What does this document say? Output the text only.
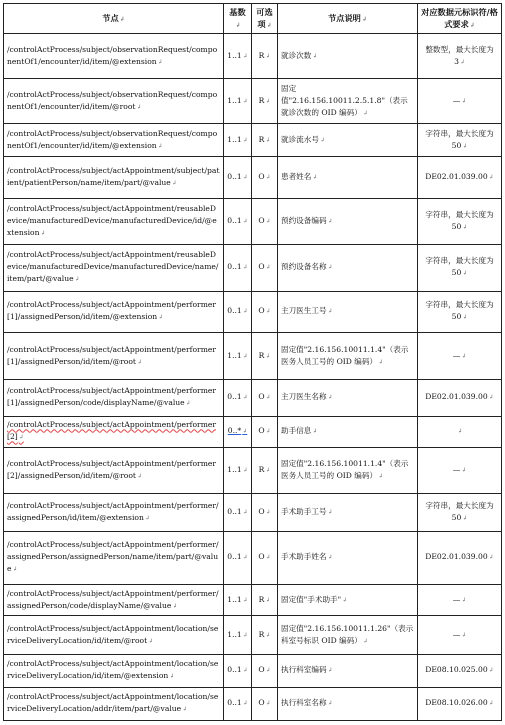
节点 ↲	基数 ↲	可选项 ↲	节点说明 ↲	对应数据元标识符/格式要求 ↲
/controlActProcess/subject/observationRequest/componentOf1/encounter/id/item/@extension ↲	1..1 ↲	R ↲	就诊次数 ↲	整数型，最大长度为 3 ↲
/controlActProcess/subject/observationRequest/componentOf1/encounter/id/item/@root ↲	1..1 ↲	R ↲	固定值"2.16.156.10011.2.5.1.8"（表示就诊次数的 OID 编码） ↲	— ↲
/controlActProcess/subject/observationRequest/componentOf1/encounter/id/item/@extension ↲	1..1 ↲	R ↲	就诊流水号 ↲	字符串，最大长度为 50 ↲
/controlActProcess/subject/actAppointment/subject/patient/patientPerson/name/item/part/@value ↲	0..1 ↲	O ↲	患者姓名 ↲	DE02.01.039.00 ↲
/controlActProcess/subject/actAppointment/reusableDevice/manufacturedDevice/manufacturedDevice/id/@extension ↲	0..1 ↲	O ↲	预约设备编码 ↲	字符串，最大长度为 50 ↲
/controlActProcess/subject/actAppointment/reusableDevice/manufacturedDevice/manufacturedDevice/name/item/part/@value ↲	0..1 ↲	O ↲	预约设备名称 ↲	字符串，最大长度为 50 ↲
/controlActProcess/subject/actAppointment/performer[1]/assignedPerson/id/item/@extension ↲	0..1 ↲	O ↲	主刀医生工号 ↲	字符串，最大长度为 50 ↲
/controlActProcess/subject/actAppointment/performer[1]/assignedPerson/id/item/@root ↲	1..1 ↲	R ↲	固定值"2.16.156.10011.1.4"（表示医务人员工号的 OID 编码） ↲	— ↲
/controlActProcess/subject/actAppointment/performer[1]/assignedPerson/code/displayName/@value ↲	0..1 ↲	O ↲	主刀医生名称 ↲	DE02.01.039.00 ↲
/controlActProcess/subject/actAppointment/performer[2] ↲	0..* ↲	O ↲	助手信息 ↲	↲
/controlActProcess/subject/actAppointment/performer[2]/assignedPerson/id/item/@root ↲	1..1 ↲	R ↲	固定值"2.16.156.10011.1.4"（表示医务人员工号的 OID 编码） ↲	— ↲
/controlActProcess/subject/actAppointment/performer/assignedPerson/id/item/@extension ↲	0..1 ↲	O ↲	手术助手工号 ↲	字符串，最大长度为 50 ↲
/controlActProcess/subject/actAppointment/performer/assignedPerson/assignedPerson/name/item/part/@value ↲	0..1 ↲	O ↲	手术助手姓名 ↲	DE02.01.039.00 ↲
/controlActProcess/subject/actAppointment/performer/assignedPerson/code/displayName/@value ↲	1..1 ↲	R ↲	固定值"手术助手" ↲	— ↲
/controlActProcess/subject/actAppointment/location/serviceDeliveryLocation/id/item/@root ↲	1..1 ↲	R ↲	固定值"2.16.156.10011.1.26"（表示科室号标识 OID 编码） ↲	— ↲
/controlActProcess/subject/actAppointment/location/serviceDeliveryLocation/id/item/@extension ↲	0..1 ↲	O ↲	执行科室编码 ↲	DE08.10.025.00 ↲
/controlActProcess/subject/actAppointment/location/serviceDeliveryLocation/addr/item/part/@value ↲	0..1 ↲	O ↲	执行科室名称 ↲	DE08.10.026.00 ↲
